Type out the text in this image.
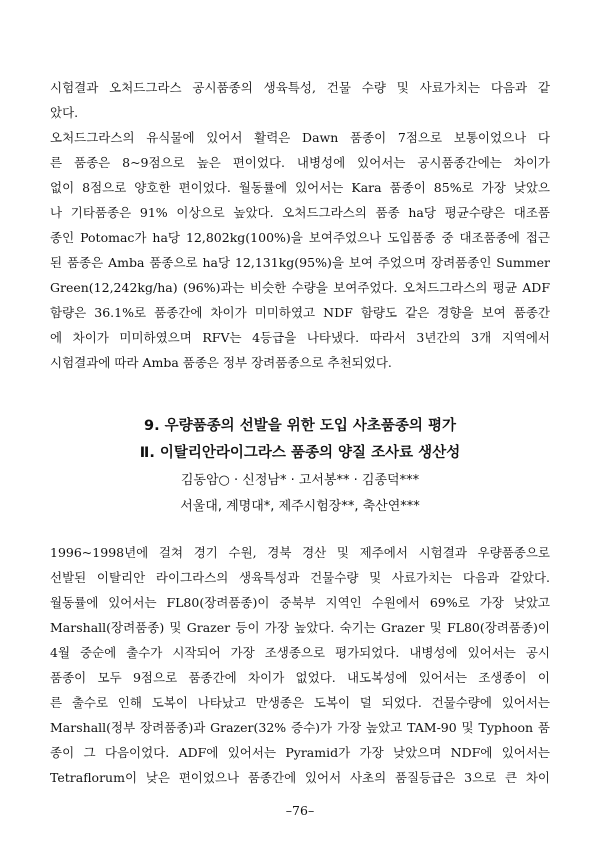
시험결과 오처드그라스 공시품종의 생육특성, 건물 수량 및 사료가치는 다음과 같
았다.
오처드그라스의 유식물에 있어서 활력은 Dawn 품종이 7점으로 보통이었으나 다
른 품종은 8~9점으로 높은 편이었다. 내병성에 있어서는 공시품종간에는 차이가
없이 8점으로 양호한 편이었다. 월동률에 있어서는 Kara 품종이 85%로 가장 낮았으
나 기타품종은 91% 이상으로 높았다. 오처드그라스의 품종 ha당 평균수량은 대조품
종인 Potomac가 ha당 12,802kg(100%)을 보여주었으나 도입품종 중 대조품종에 접근
된 품종은 Amba 품종으로 ha당 12,131kg(95%)을 보여 주었으며 장려품종인 Summer
Green(12,242kg/ha) (96%)과는 비슷한 수량을 보여주었다. 오처드그라스의 평균 ADF
함량은 36.1%로 품종간에 차이가 미미하였고 NDF 함량도 같은 경향을 보여 품종간
에 차이가 미미하였으며 RFV는 4등급을 나타냈다. 따라서 3년간의 3개 지역에서
시험결과에 따라 Amba 품종은 정부 장려품종으로 추천되었다.
9. 우량품종의 선발을 위한 도입 사초품종의 평가
Ⅱ. 이탈리안라이그라스 품종의 양질 조사료 생산성
김동암○ · 신정남* · 고서봉** · 김종덕***
서울대, 계명대*, 제주시험장**, 축산연***
1996~1998년에 걸쳐 경기 수원, 경북 경산 및 제주에서 시험결과 우량품종으로
선발된 이탈리안 라이그라스의 생육특성과 건물수량 및 사료가치는 다음과 같았다.
월동률에 있어서는 FL80(장려품종)이 중북부 지역인 수원에서 69%로 가장 낮았고
Marshall(장려품종) 및 Grazer 등이 가장 높았다. 숙기는 Grazer 및 FL80(장려품종)이
4월 중순에 출수가 시작되어 가장 조생종으로 평가되었다. 내병성에 있어서는 공시
품종이 모두 9점으로 품종간에 차이가 없었다. 내도복성에 있어서는 조생종이 이
른 출수로 인해 도복이 나타났고 만생종은 도복이 덜 되었다. 건물수량에 있어서는
Marshall(정부 장려품종)과 Grazer(32% 증수)가 가장 높았고 TAM-90 및 Typhoon 품
종이 그 다음이었다. ADF에 있어서는 Pyramid가 가장 낮았으며 NDF에 있어서는
Tetraflorum이 낮은 편이었으나 품종간에 있어서 사초의 품질등급은 3으로 큰 차이
–76–
